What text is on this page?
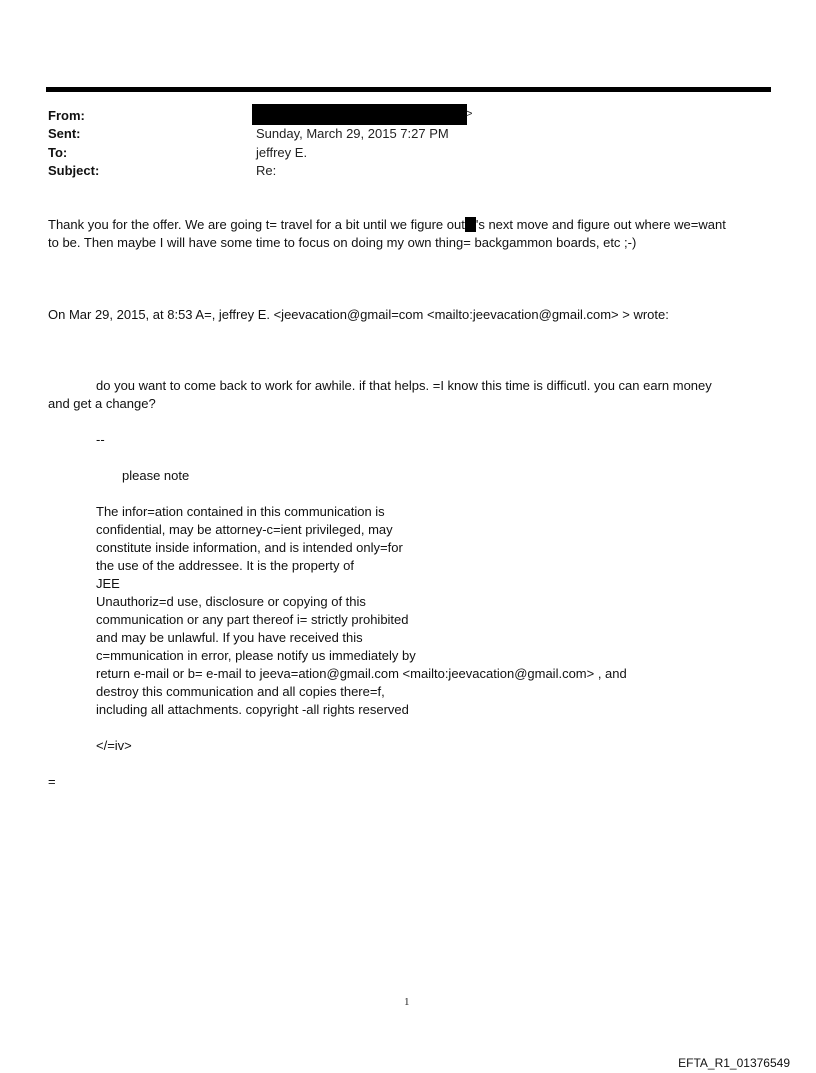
From:	>
Sent:	Sunday, March 29, 2015 7:27 PM
To:	jeffrey E.
Subject:	Re:
Thank you for the offer. We are going t= travel for a bit until we figure out 's next move and figure out where we=want
to be. Then maybe I will have some time to focus on doing my own thing= backgammon boards, etc ;-)
On Mar 29, 2015, at 8:53 A=, jeffrey E. <jeevacation@gmail=com <mailto:jeevacation@gmail.com> > wrote:
do you want to come back to work for awhile. if that helps. =I know this time is difficutl. you can earn money
and get a change?
--
please note
The infor=ation contained in this communication is
confidential, may be attorney-c=ient privileged, may
constitute inside information, and is intended only=for
the use of the addressee. It is the property of
JEE
Unauthoriz=d use, disclosure or copying of this
communication or any part thereof i= strictly prohibited
and may be unlawful. If you have received this
c=mmunication in error, please notify us immediately by
return e-mail or b= e-mail to jeeva=ation@gmail.com <mailto:jeevacation@gmail.com> , and
destroy this communication and all copies there=f,
including all attachments. copyright -all rights reserved
</=iv>
=
1
EFTA_R1_01376549
